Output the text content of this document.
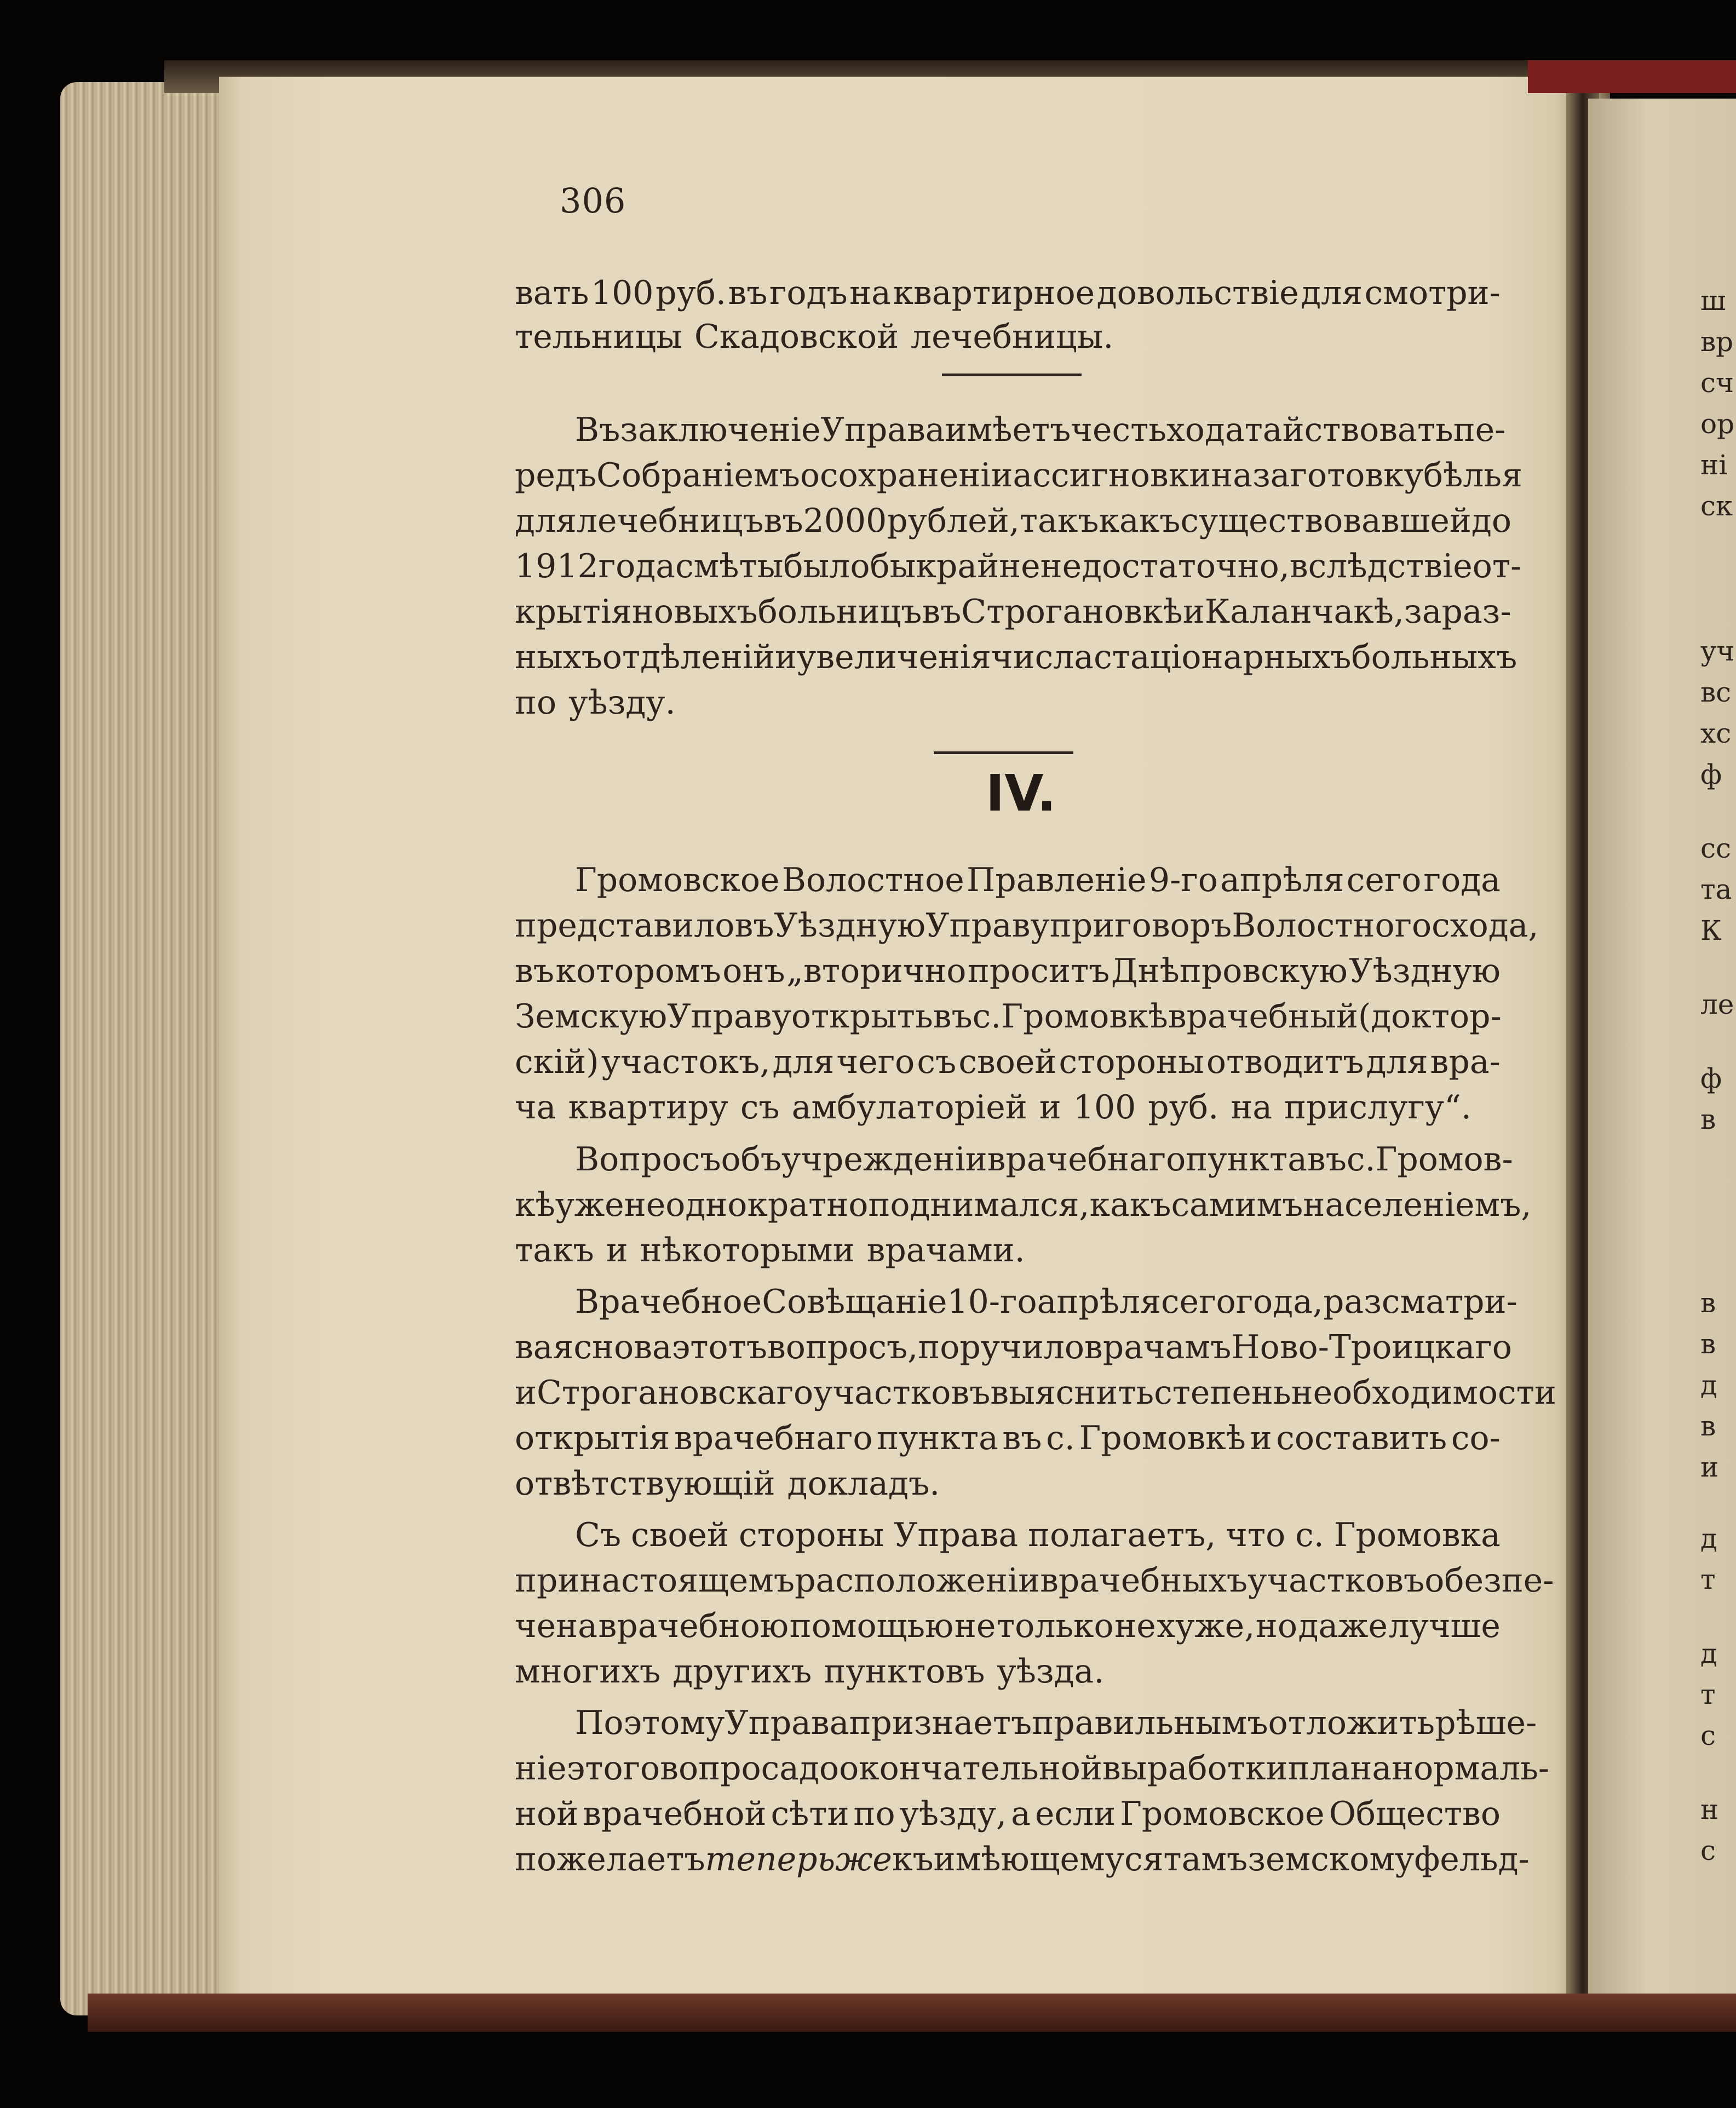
306
IV.
вать 100 руб. въ годъ на квартирное довольствіе для смотри-
тельницы Скадовской лечебницы.
Въ заключеніе Управа имѣетъ честь ходатайствовать пе-
редъ Собраніемъ о сохраненіи ассигновки на заготовку бѣлья
для лечебницъ въ 2000 рублей, такъ какъ существовавшей до
1912 года смѣты было бы крайне недостаточно, вслѣдствіе от-
крытія новыхъ больницъ въ Строгановкѣ и Каланчакѣ, зараз-
ныхъ отдѣленій и увеличенія числа стаціонарныхъ больныхъ
по уѣзду.
Громовское Волостное Правленіе 9-го апрѣля сего года
представило въ Уѣздную Управу приговоръ Волостного схода,
въ которомъ онъ „вторично проситъ Днѣпровскую Уѣздную
Земскую Управу открыть въ с. Громовкѣ врачебный (доктор-
скій) участокъ, для чего съ своей стороны отводитъ для вра-
ча квартиру съ амбулаторіей и 100 руб. на прислугу“.
Вопросъ объ учрежденіи врачебнаго пункта въ с. Громов-
кѣ уже неоднократно поднимался, какъ самимъ населеніемъ,
такъ и нѣкоторыми врачами.
Врачебное Совѣщаніе 10-го апрѣля сего года, разсматри-
вая снова этотъ вопросъ, поручило врачамъ Ново-Троицкаго
и Строгановскаго участковъ выяснить степень необходимости
открытія врачебнаго пункта въ с. Громовкѣ и составить со-
отвѣтствующій докладъ.
Съ своей стороны Управа полагаетъ, что с. Громовка
при настоящемъ расположеніи врачебныхъ участковъ обезпе-
чена врачебною помощью не только не хуже, но даже лучше
многихъ другихъ пунктовъ уѣзда.
Поэтому Управа признаетъ правильнымъ отложить рѣше-
ніе этого вопроса до окончательной выработки плана нормаль-
ной врачебной сѣти по уѣзду, а если Громовское Общество
пожелаетъ теперь же къ имѣющемуся тамъ земскому фельд-
ш
вр
сч
ор
ні
ск
уч
вс
хс
ф
сс
та
К
ле
ф
в
в
в
д
в
и
д
т
д
т
с
н
с
